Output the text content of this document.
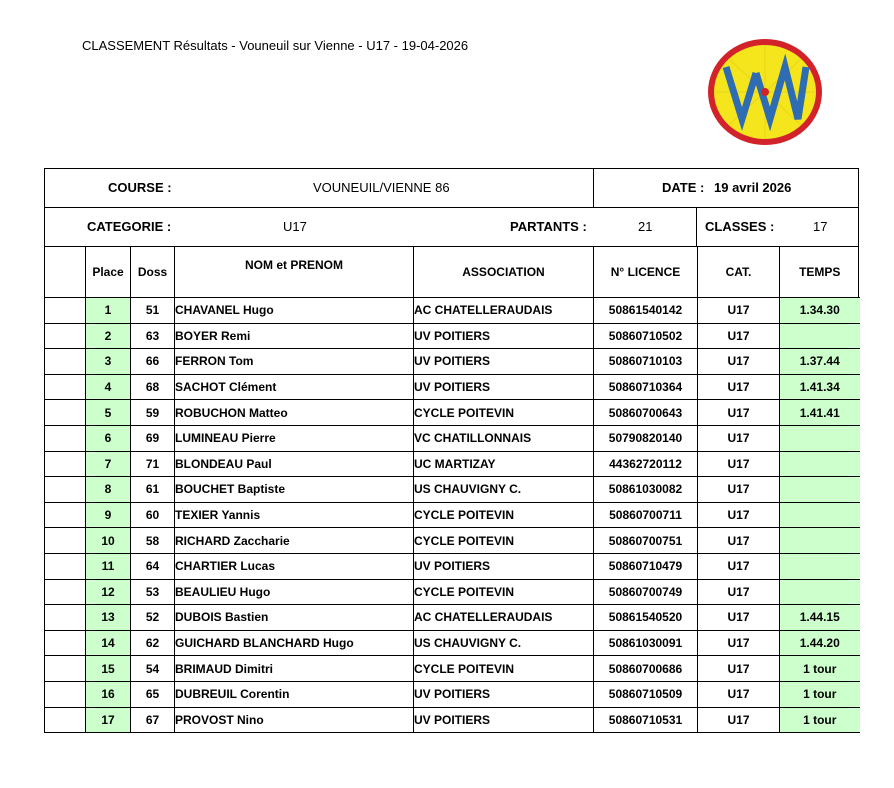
CLASSEMENT Résultats - Vouneuil sur Vienne - U17 - 19-04-2026
COURSE :	VOUNEUIL/VIENNE 86	DATE : 19 avril 2026
CATEGORIE :	U17	PARTANTS :	21	CLASSES :	17
	Place	Doss	NOM et PRENOM	ASSOCIATION	N° LICENCE	CAT.	TEMPS
	1	51	CHAVANEL Hugo	AC CHATELLERAUDAIS	50861540142	U17	1.34.30
	2	63	BOYER Remi	UV POITIERS	50860710502	U17	
	3	66	FERRON Tom	UV POITIERS	50860710103	U17	1.37.44
	4	68	SACHOT Clément	UV POITIERS	50860710364	U17	1.41.34
	5	59	ROBUCHON Matteo	CYCLE POITEVIN	50860700643	U17	1.41.41
	6	69	LUMINEAU Pierre	VC CHATILLONNAIS	50790820140	U17	
	7	71	BLONDEAU Paul	UC MARTIZAY	44362720112	U17	
	8	61	BOUCHET Baptiste	US CHAUVIGNY C.	50861030082	U17	
	9	60	TEXIER Yannis	CYCLE POITEVIN	50860700711	U17	
	10	58	RICHARD Zaccharie	CYCLE POITEVIN	50860700751	U17	
	11	64	CHARTIER Lucas	UV POITIERS	50860710479	U17	
	12	53	BEAULIEU Hugo	CYCLE POITEVIN	50860700749	U17	
	13	52	DUBOIS Bastien	AC CHATELLERAUDAIS	50861540520	U17	1.44.15
	14	62	GUICHARD BLANCHARD Hugo	US CHAUVIGNY C.	50861030091	U17	1.44.20
	15	54	BRIMAUD Dimitri	CYCLE POITEVIN	50860700686	U17	1 tour
	16	65	DUBREUIL Corentin	UV POITIERS	50860710509	U17	1 tour
	17	67	PROVOST Nino	UV POITIERS	50860710531	U17	1 tour
